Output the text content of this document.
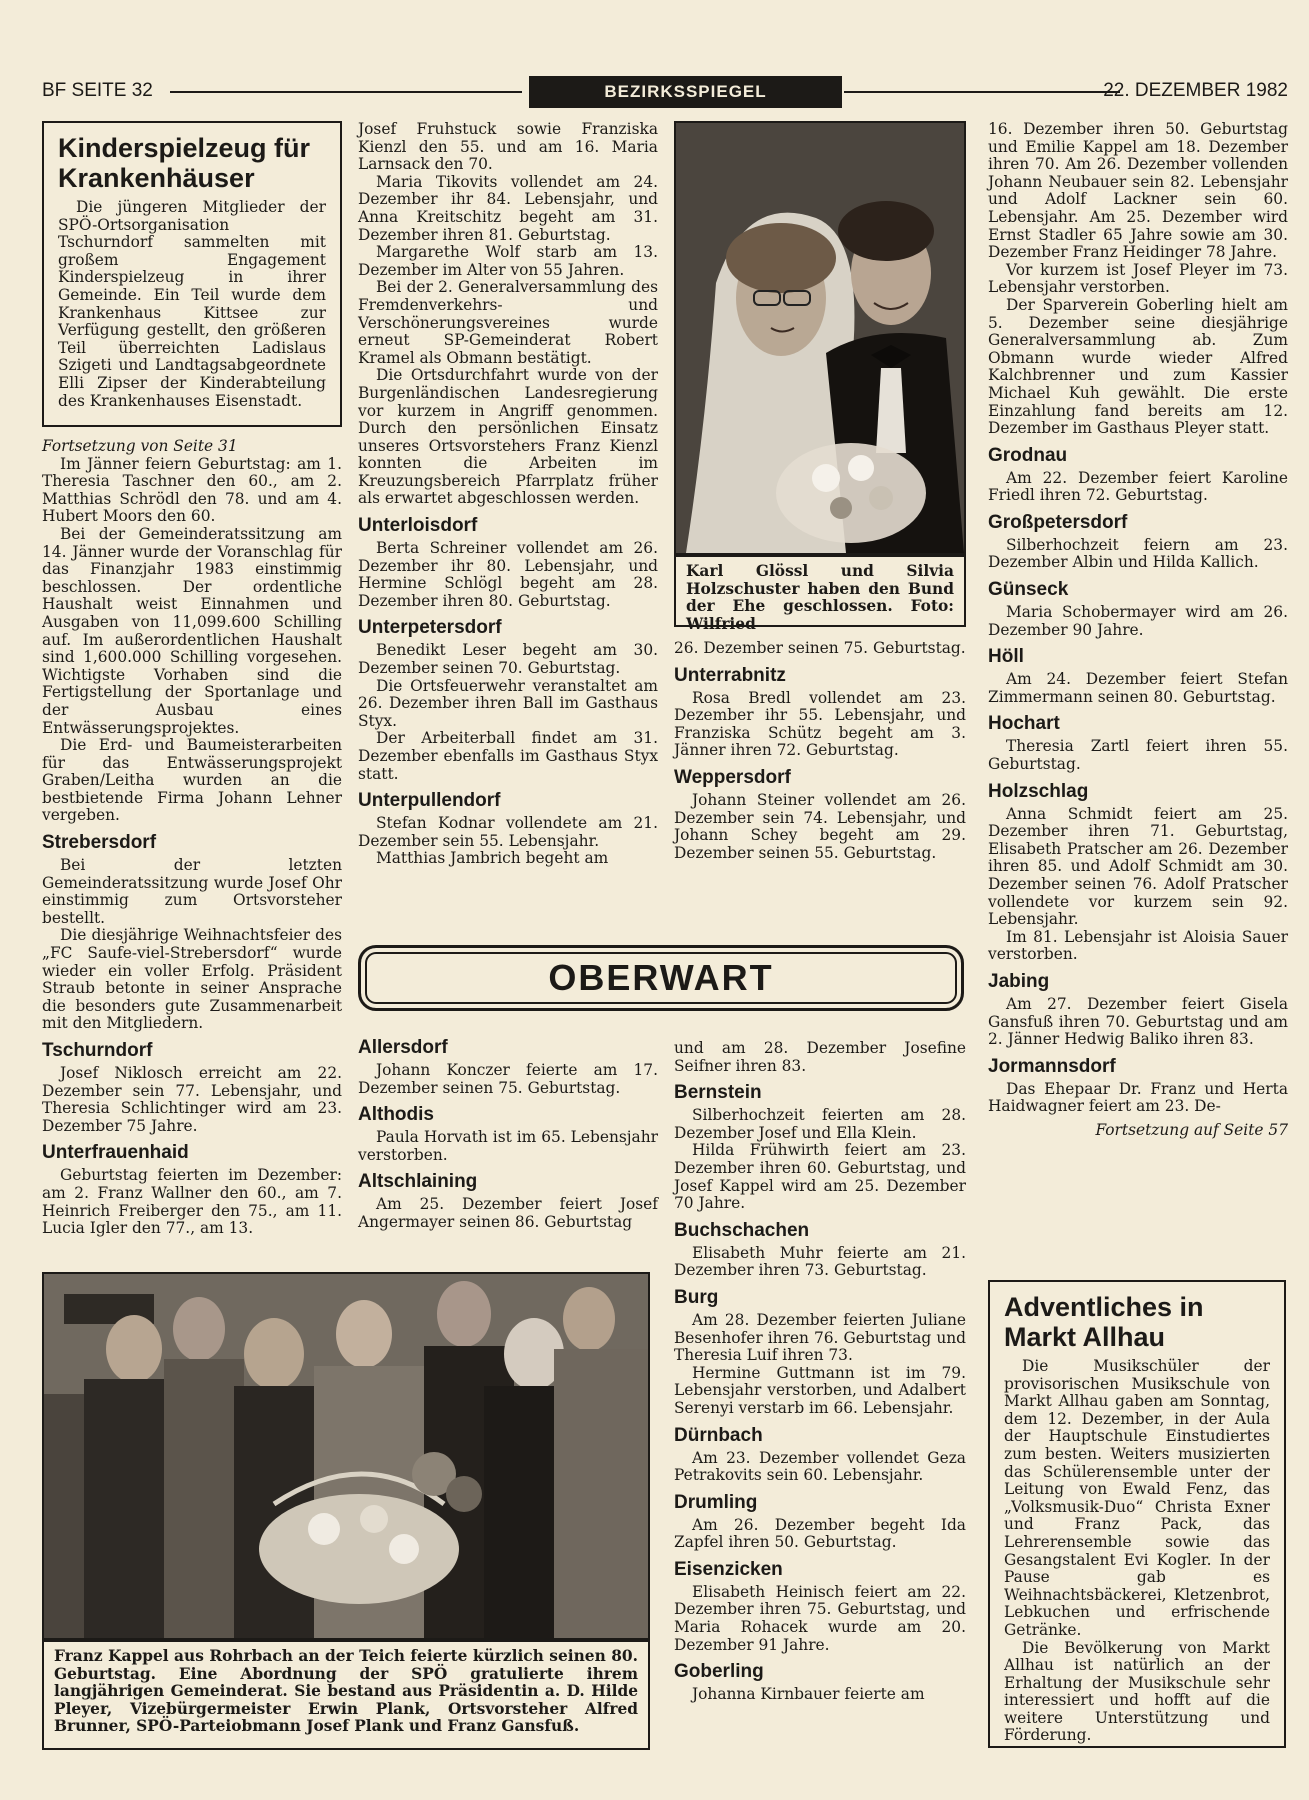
BF SEITE 32	BEZIRKSSPIEGEL	22. DEZEMBER 1982
Kinderspielzeug für Krankenhäuser

Die jüngeren Mitglieder der SPÖ-Ortsorganisation Tschurndorf sammelten mit großem Engagement Kinderspielzeug in ihrer Gemeinde. Ein Teil wurde dem Krankenhaus Kittsee zur Verfügung gestellt, den größeren Teil überreichten Ladislaus Szigeti und Landtagsabgeordnete Elli Zipser der Kinderabteilung des Krankenhauses Eisenstadt.

Fortsetzung von Seite 31

Im Jänner feiern Geburtstag: am 1. Theresia Taschner den 60., am 2. Matthias Schrödl den 78. und am 4. Hubert Moors den 60.

Bei der Gemeinderatssitzung am 14. Jänner wurde der Voranschlag für das Finanzjahr 1983 einstimmig beschlossen. Der ordentliche Haushalt weist Einnahmen und Ausgaben von 11,099.600 Schilling auf. Im außerordentlichen Haushalt sind 1,600.000 Schilling vorgesehen. Wichtigste Vorhaben sind die Fertigstellung der Sportanlage und der Ausbau eines Entwässerungsprojektes.

Die Erd- und Baumeisterarbeiten für das Entwässerungsprojekt Graben/Leitha wurden an die bestbietende Firma Johann Lehner vergeben.

Strebersdorf

Bei der letzten Gemeinderatssitzung wurde Josef Ohr einstimmig zum Ortsvorsteher bestellt.

Die diesjährige Weihnachtsfeier des „FC Saufe-viel-Strebersdorf“ wurde wieder ein voller Erfolg. Präsident Straub betonte in seiner Ansprache die besonders gute Zusammenarbeit mit den Mitgliedern.

Tschurndorf

Josef Niklosch erreicht am 22. Dezember sein 77. Lebensjahr, und Theresia Schlichtinger wird am 23. Dezember 75 Jahre.

Unterfrauenhaid

Geburtstag feierten im Dezember: am 2. Franz Wallner den 60., am 7. Heinrich Freiberger den 75., am 11. Lucia Igler den 77., am 13.

Josef Fruhstuck sowie Franziska Kienzl den 55. und am 16. Maria Larnsack den 70.

Maria Tikovits vollendet am 24. Dezember ihr 84. Lebensjahr, und Anna Kreitschitz begeht am 31. Dezember ihren 81. Geburtstag.

Margarethe Wolf starb am 13. Dezember im Alter von 55 Jahren.

Bei der 2. Generalversammlung des Fremdenverkehrs- und Verschönerungsvereines wurde erneut SP-Gemeinderat Robert Kramel als Obmann bestätigt.

Die Ortsdurchfahrt wurde von der Burgenländischen Landesregierung vor kurzem in Angriff genommen. Durch den persönlichen Einsatz unseres Ortsvorstehers Franz Kienzl konnten die Arbeiten im Kreuzungsbereich Pfarrplatz früher als erwartet abgeschlossen werden.

Unterloisdorf

Berta Schreiner vollendet am 26. Dezember ihr 80. Lebensjahr, und Hermine Schlögl begeht am 28. Dezember ihren 80. Geburtstag.

Unterpetersdorf

Benedikt Leser begeht am 30. Dezember seinen 70. Geburtstag.

Die Ortsfeuerwehr veranstaltet am 26. Dezember ihren Ball im Gasthaus Styx.

Der Arbeiterball findet am 31. Dezember ebenfalls im Gasthaus Styx statt.

Unterpullendorf

Stefan Kodnar vollendete am 21. Dezember sein 55. Lebensjahr.

Matthias Jambrich begeht am

Karl Glössl und Silvia Holzschuster haben den Bund der Ehe geschlossen. Foto: Wilfried

26. Dezember seinen 75. Geburtstag.

Unterrabnitz

Rosa Bredl vollendet am 23. Dezember ihr 55. Lebensjahr, und Franziska Schütz begeht am 3. Jänner ihren 72. Geburtstag.

Weppersdorf

Johann Steiner vollendet am 26. Dezember sein 74. Lebensjahr, und Johann Schey begeht am 29. Dezember seinen 55. Geburtstag.

16. Dezember ihren 50. Geburtstag und Emilie Kappel am 18. Dezember ihren 70. Am 26. Dezember vollenden Johann Neubauer sein 82. Lebensjahr und Adolf Lackner sein 60. Lebensjahr. Am 25. Dezember wird Ernst Stadler 65 Jahre sowie am 30. Dezember Franz Heidinger 78 Jahre.

Vor kurzem ist Josef Pleyer im 73. Lebensjahr verstorben.

Der Sparverein Goberling hielt am 5. Dezember seine diesjährige Generalversammlung ab. Zum Obmann wurde wieder Alfred Kalchbrenner und zum Kassier Michael Kuh gewählt. Die erste Einzahlung fand bereits am 12. Dezember im Gasthaus Pleyer statt.

Grodnau

Am 22. Dezember feiert Karoline Friedl ihren 72. Geburtstag.

Großpetersdorf

Silberhochzeit feiern am 23. Dezember Albin und Hilda Kallich.

Günseck

Maria Schobermayer wird am 26. Dezember 90 Jahre.

Höll

Am 24. Dezember feiert Stefan Zimmermann seinen 80. Geburtstag.

Hochart

Theresia Zartl feiert ihren 55. Geburtstag.

Holzschlag

Anna Schmidt feiert am 25. Dezember ihren 71. Geburtstag, Elisabeth Pratscher am 26. Dezember ihren 85. und Adolf Schmidt am 30. Dezember seinen 76. Adolf Pratscher vollendete vor kurzem sein 92. Lebensjahr.

Im 81. Lebensjahr ist Aloisia Sauer verstorben.

Jabing

Am 27. Dezember feiert Gisela Gansfuß ihren 70. Geburtstag und am 2. Jänner Hedwig Baliko ihren 83.

Jormannsdorf

Das Ehepaar Dr. Franz und Herta Haidwagner feiert am 23. De-

Fortsetzung auf Seite 57

OBERWART
Allersdorf

Johann Konczer feierte am 17. Dezember seinen 75. Geburtstag.

Althodis

Paula Horvath ist im 65. Lebensjahr verstorben.

Altschlaining

Am 25. Dezember feiert Josef Angermayer seinen 86. Geburtstag

und am 28. Dezember Josefine Seifner ihren 83.

Bernstein

Silberhochzeit feierten am 28. Dezember Josef und Ella Klein.

Hilda Frühwirth feiert am 23. Dezember ihren 60. Geburtstag, und Josef Kappel wird am 25. Dezember 70 Jahre.

Buchschachen

Elisabeth Muhr feierte am 21. Dezember ihren 73. Geburtstag.

Burg

Am 28. Dezember feierten Juliane Besenhofer ihren 76. Geburtstag und Theresia Luif ihren 73.

Hermine Guttmann ist im 79. Lebensjahr verstorben, und Adalbert Serenyi verstarb im 66. Lebensjahr.

Dürnbach

Am 23. Dezember vollendet Geza Petrakovits sein 60. Lebensjahr.

Drumling

Am 26. Dezember begeht Ida Zapfel ihren 50. Geburtstag.

Eisenzicken

Elisabeth Heinisch feiert am 22. Dezember ihren 75. Geburtstag, und Maria Rohacek wurde am 20. Dezember 91 Jahre.

Goberling

Johanna Kirnbauer feierte am

Franz Kappel aus Rohrbach an der Teich feierte kürzlich seinen 80. Geburtstag. Eine Abordnung der SPÖ gratulierte ihrem langjährigen Gemeinderat. Sie bestand aus Präsidentin a. D. Hilde Pleyer, Vizebürgermeister Erwin Plank, Ortsvorsteher Alfred Brunner, SPÖ-Parteiobmann Josef Plank und Franz Gansfuß.
Adventliches in Markt Allhau

Die Musikschüler der provisorischen Musikschule von Markt Allhau gaben am Sonntag, dem 12. Dezember, in der Aula der Hauptschule Einstudiertes zum besten. Weiters musizierten das Schülerensemble unter der Leitung von Ewald Fenz, das „Volksmusik-Duo“ Christa Exner und Franz Pack, das Lehrerensemble sowie das Gesangstalent Evi Kogler. In der Pause gab es Weihnachtsbäckerei, Kletzenbrot, Lebkuchen und erfrischende Getränke.

Die Bevölkerung von Markt Allhau ist natürlich an der Erhaltung der Musikschule sehr interessiert und hofft auf die weitere Unterstützung und Förderung.
